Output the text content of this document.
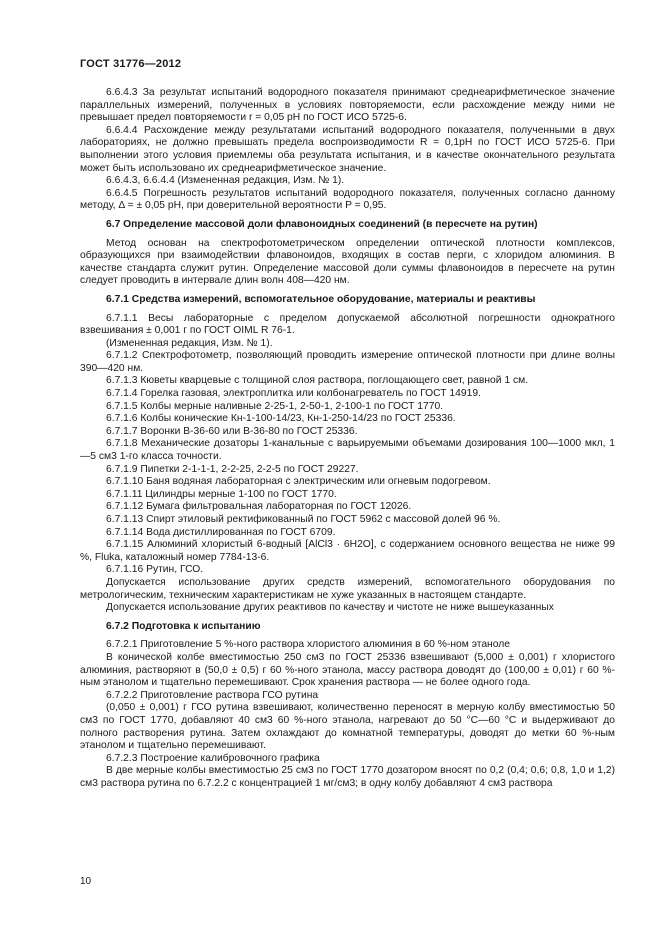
ГОСТ 31776—2012

6.6.4.3 За результат испытаний водородного показателя принимают среднеарифметическое значение параллельных измерений, полученных в условиях повторяемости, если расхождение между ними не превышает предел повторяемости r = 0,05 pH по ГОСТ ИСО 5725-6.

6.6.4.4 Расхождение между результатами испытаний водородного показателя, полученными в двух лабораториях, не должно превышать предела воспроизводимости R = 0,1pH по ГОСТ ИСО 5725-6. При выполнении этого условия приемлемы оба результата испытания, и в качестве окончательного результата может быть использовано их среднеарифметическое значение.

6.6.4.3, 6.6.4.4 (Измененная редакция, Изм. № 1).

6.6.4.5 Погрешность результатов испытаний водородного показателя, полученных согласно данному методу, Δ = ± 0,05 pH, при доверительной вероятности P = 0,95.

6.7 Определение массовой доли флавоноидных соединений (в пересчете на рутин)

Метод основан на спектрофотометрическом определении оптической плотности комплексов, образующихся при взаимодействии флавоноидов, входящих в состав перги, с хлоридом алюминия. В качестве стандарта служит рутин. Определение массовой доли суммы флавоноидов в пересчете на рутин следует проводить в интервале длин волн 408—420 нм.

6.7.1 Средства измерений, вспомогательное оборудование, материалы и реактивы

6.7.1.1 Весы лабораторные с пределом допускаемой абсолютной погрешности однократного взвешивания ± 0,001 г по ГОСТ OIML R 76-1.

(Измененная редакция, Изм. № 1).

6.7.1.2 Спектрофотометр, позволяющий проводить измерение оптической плотности при длине волны 390—420 нм.

6.7.1.3 Кюветы кварцевые с толщиной слоя раствора, поглощающего свет, равной 1 см.

6.7.1.4 Горелка газовая, электроплитка или колбонагреватель по ГОСТ 14919.

6.7.1.5 Колбы мерные наливные 2-25-1, 2-50-1, 2-100-1 по ГОСТ 1770.

6.7.1.6 Колбы конические Кн-1-100-14/23, Кн-1-250-14/23 по ГОСТ 25336.

6.7.1.7 Воронки В-36-60 или В-36-80 по ГОСТ 25336.

6.7.1.8 Механические дозаторы 1-канальные с варьируемыми объемами дозирования 100—1000 мкл, 1—5 см3 1-го класса точности.

6.7.1.9 Пипетки 2-1-1-1, 2-2-25, 2-2-5 по ГОСТ 29227.

6.7.1.10 Баня водяная лабораторная с электрическим или огневым подогревом.

6.7.1.11 Цилиндры мерные 1-100 по ГОСТ 1770.

6.7.1.12 Бумага фильтровальная лабораторная по ГОСТ 12026.

6.7.1.13 Спирт этиловый ректификованный по ГОСТ 5962 с массовой долей 96 %.

6.7.1.14 Вода дистиллированная по ГОСТ 6709.

6.7.1.15 Алюминий хлористый 6-водный [AlCl3 · 6H2O], с содержанием основного вещества не ниже 99 %, Fluka, каталожный номер 7784-13-6.

6.7.1.16 Рутин, ГСО.

Допускается использование других средств измерений, вспомогательного оборудования по метрологическим, техническим характеристикам не хуже указанных в настоящем стандарте.

Допускается использование других реактивов по качеству и чистоте не ниже вышеуказанных

6.7.2 Подготовка к испытанию

6.7.2.1 Приготовление 5 %-ного раствора хлористого алюминия в 60 %-ном этаноле

В конической колбе вместимостью 250 см3 по ГОСТ 25336 взвешивают (5,000 ± 0,001) г хлористого алюминия, растворяют в (50,0 ± 0,5) г 60 %-ного этанола, массу раствора доводят до (100,00 ± 0,01) г 60 %-ным этанолом и тщательно перемешивают. Срок хранения раствора — не более одного года.

6.7.2.2 Приготовление раствора ГСО рутина

(0,050 ± 0,001) г ГСО рутина взвешивают, количественно переносят в мерную колбу вместимостью 50 см3 по ГОСТ 1770, добавляют 40 см3 60 %-ного этанола, нагревают до 50 °С—60 °С и выдерживают до полного растворения рутина. Затем охлаждают до комнатной температуры, доводят до метки 60 %-ным этанолом и тщательно перемешивают.

6.7.2.3 Построение калибровочного графика

В две мерные колбы вместимостью 25 см3 по ГОСТ 1770 дозатором вносят по 0,2 (0,4; 0,6; 0,8, 1,0 и 1,2) см3 раствора рутина по 6.7.2.2 с концентрацией 1 мг/см3; в одну колбу добавляют 4 см3 раствора

10
